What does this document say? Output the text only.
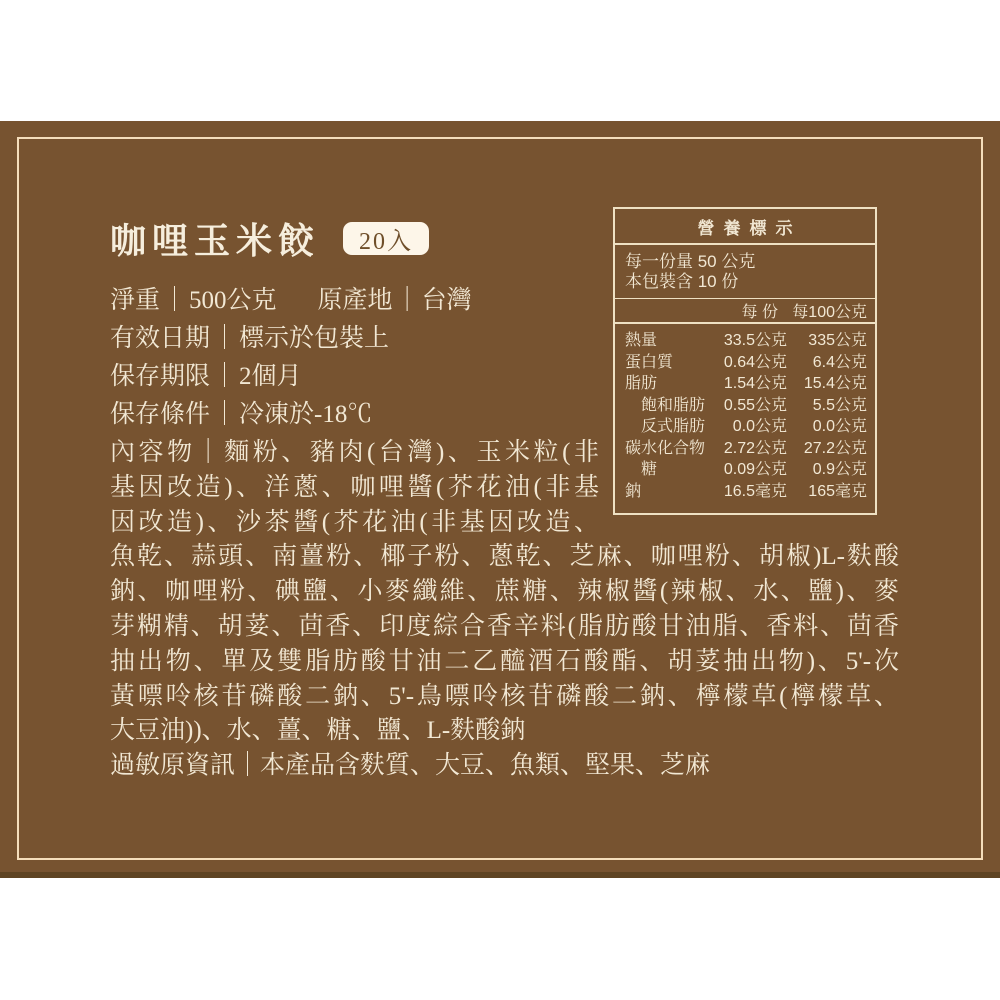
咖哩玉米餃	20入
淨重｜500公克 原產地｜台灣
有效日期｜標示於包裝上
保存期限｜2個月
保存條件｜冷凍於-18℃
內容物｜麵粉、豬肉(台灣)、玉米粒(非
基因改造)、洋蔥、咖哩醬(芥花油(非基
因改造)、沙茶醬(芥花油(非基因改造、
魚乾、蒜頭、南薑粉、椰子粉、蔥乾、芝麻、咖哩粉、胡椒)L-麩酸
鈉、咖哩粉、碘鹽、小麥纖維、蔗糖、辣椒醬(辣椒、水、鹽)、麥
芽糊精、胡荽、茴香、印度綜合香辛料(脂肪酸甘油脂、香料、茴香
抽出物、單及雙脂肪酸甘油二乙醯酒石酸酯、胡荽抽出物)、5'-次
黃嘌呤核苷磷酸二鈉、5'-鳥嘌呤核苷磷酸二鈉、檸檬草(檸檬草、
大豆油))、水、薑、糖、鹽、L-麩酸鈉
過敏原資訊｜本產品含麩質、大豆、魚類、堅果、芝麻
營養標示
每一份量 50 公克
本包裝含 10 份
每 份 每100公克
熱量	33.5公克	335公克
蛋白質	0.64公克	6.4公克
脂肪	1.54公克	15.4公克
飽和脂肪	0.55公克	5.5公克
反式脂肪	0.0公克	0.0公克
碳水化合物	2.72公克	27.2公克
糖	0.09公克	0.9公克
鈉	16.5毫克	165毫克
